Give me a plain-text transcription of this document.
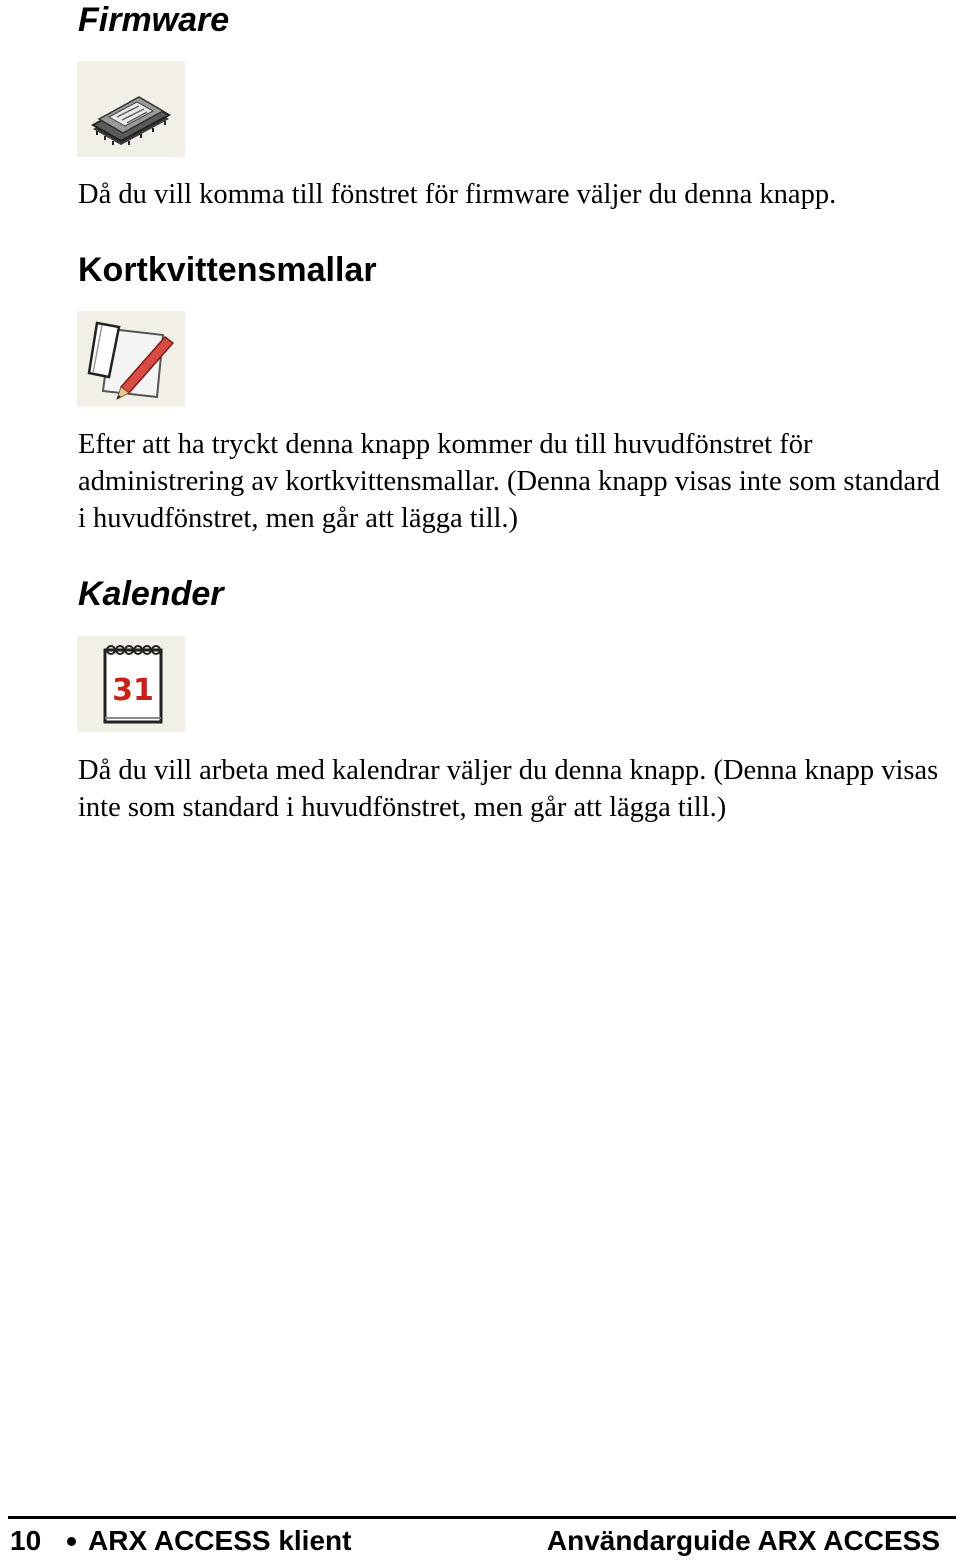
Firmware

Då du vill komma till fönstret för firmware väljer du denna knapp.

Kortkvittensmallar

Efter att ha tryckt denna knapp kommer du till huvudfönstret för administrering av kortkvittensmallar. (Denna knapp visas inte som standard i huvudfönstret, men går att lägga till.)

Kalender
31

Då du vill arbeta med kalendrar väljer du denna knapp. (Denna knapp visas inte som standard i huvudfönstret, men går att lägga till.)

10 ARX ACCESS klient	Användarguide ARX ACCESS
